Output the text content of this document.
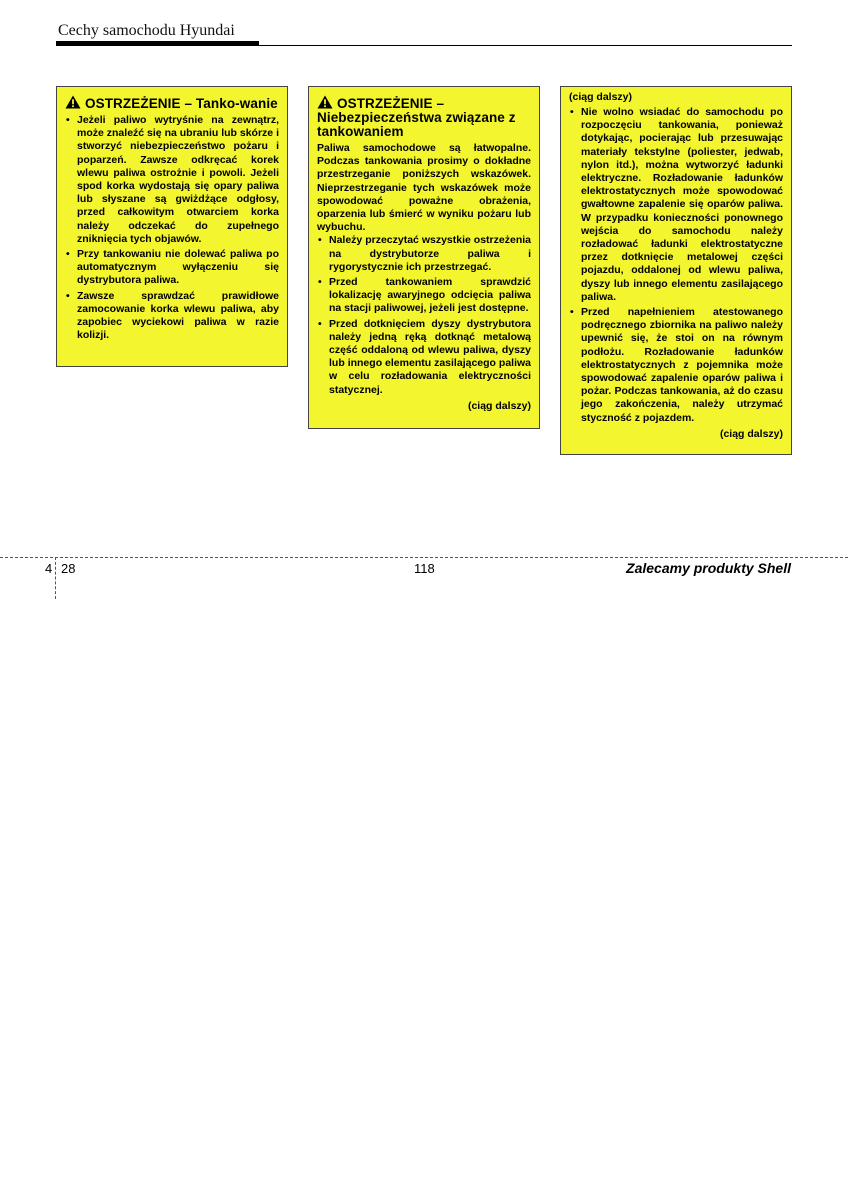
Cechy samochodu Hyundai
OSTRZEŻENIE – Tanko-wanie
• Jeżeli paliwo wytryśnie na zewnątrz, może znaleźć się na ubraniu lub skórze i stworzyć niebezpieczeństwo pożaru i poparzeń. Zawsze odkręcać korek wlewu paliwa ostrożnie i powoli. Jeżeli spod korka wydostają się opary paliwa lub słyszane są gwiżdżące odgłosy, przed całkowitym otwarciem korka należy odczekać do zupełnego zniknięcia tych objawów.
• Przy tankowaniu nie dolewać paliwa po automatycznym wyłączeniu się dystrybutora paliwa.
• Zawsze sprawdzać prawidłowe zamocowanie korka wlewu paliwa, aby zapobiec wyciekowi paliwa w razie kolizji.
OSTRZEŻENIE – Niebezpieczeństwa związane z tankowaniem

Paliwa samochodowe są łatwopalne. Podczas tankowania prosimy o dokładne przestrzeganie poniższych wskazówek. Nieprzestrzeganie tych wskazówek może spowodować poważne obrażenia, oparzenia lub śmierć w wyniku pożaru lub wybuchu.

• Należy przeczytać wszystkie ostrzeżenia na dystrybutorze paliwa i rygorystycznie ich przestrzegać.
• Przed tankowaniem sprawdzić lokalizację awaryjnego odcięcia paliwa na stacji paliwowej, jeżeli jest dostępne.
• Przed dotknięciem dyszy dystrybutora należy jedną ręką dotknąć metalową część oddaloną od wlewu paliwa, dyszy lub innego elementu zasilającego paliwa w celu rozładowania elektryczności statycznej.
(ciąg dalszy)
(ciąg dalszy)
• Nie wolno wsiadać do samochodu po rozpoczęciu tankowania, ponieważ dotykając, pocierając lub przesuwając materiały tekstylne (poliester, jedwab, nylon itd.), można wytworzyć ładunki elektryczne. Rozładowanie ładunków elektrostatycznych może spowodować gwałtowne zapalenie się oparów paliwa. W przypadku konieczności ponownego wejścia do samochodu należy rozładować ładunki elektrostatyczne przez dotknięcie metalowej części pojazdu, oddalonej od wlewu paliwa, dyszy lub innego elementu zasilającego paliwa.
• Przed napełnieniem atestowanego podręcznego zbiornika na paliwo należy upewnić się, że stoi on na równym podłożu. Rozładowanie ładunków elektrostatycznych z pojemnika może spowodować zapalenie oparów paliwa i pożar. Podczas tankowania, aż do czasu jego zakończenia, należy utrzymać styczność z pojazdem.
(ciąg dalszy)
4 28	118	Zalecamy produkty Shell
